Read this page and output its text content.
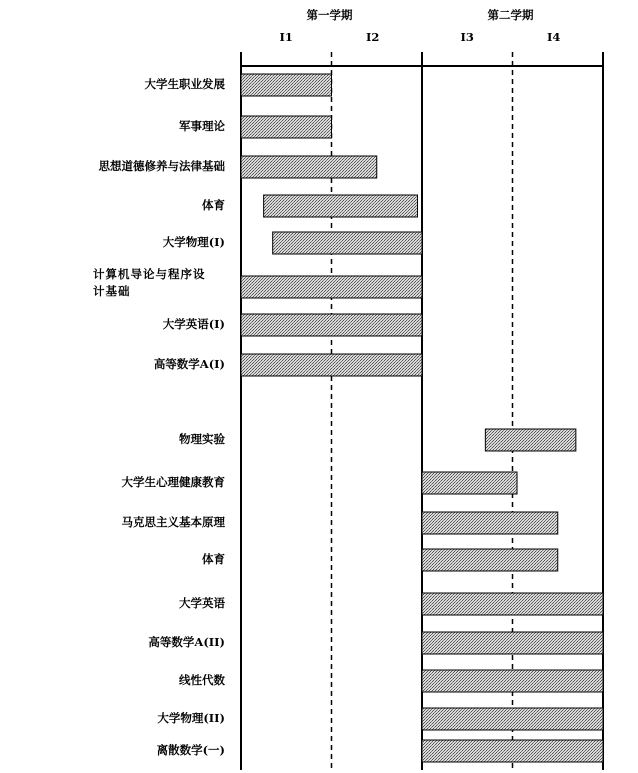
第一学期
I1	I2
第二学期
I3	I4
大学生职业发展
军事理论
思想道德修养与法律基础
体育
大学物理(I)
计算机导论与程序设计基础
大学英语(I)
高等数学A(I)
物理实验
大学生心理健康教育
马克思主义基本原理
体育
大学英语
高等数学A(II)
线性代数
大学物理(II)
离散数学(一)
